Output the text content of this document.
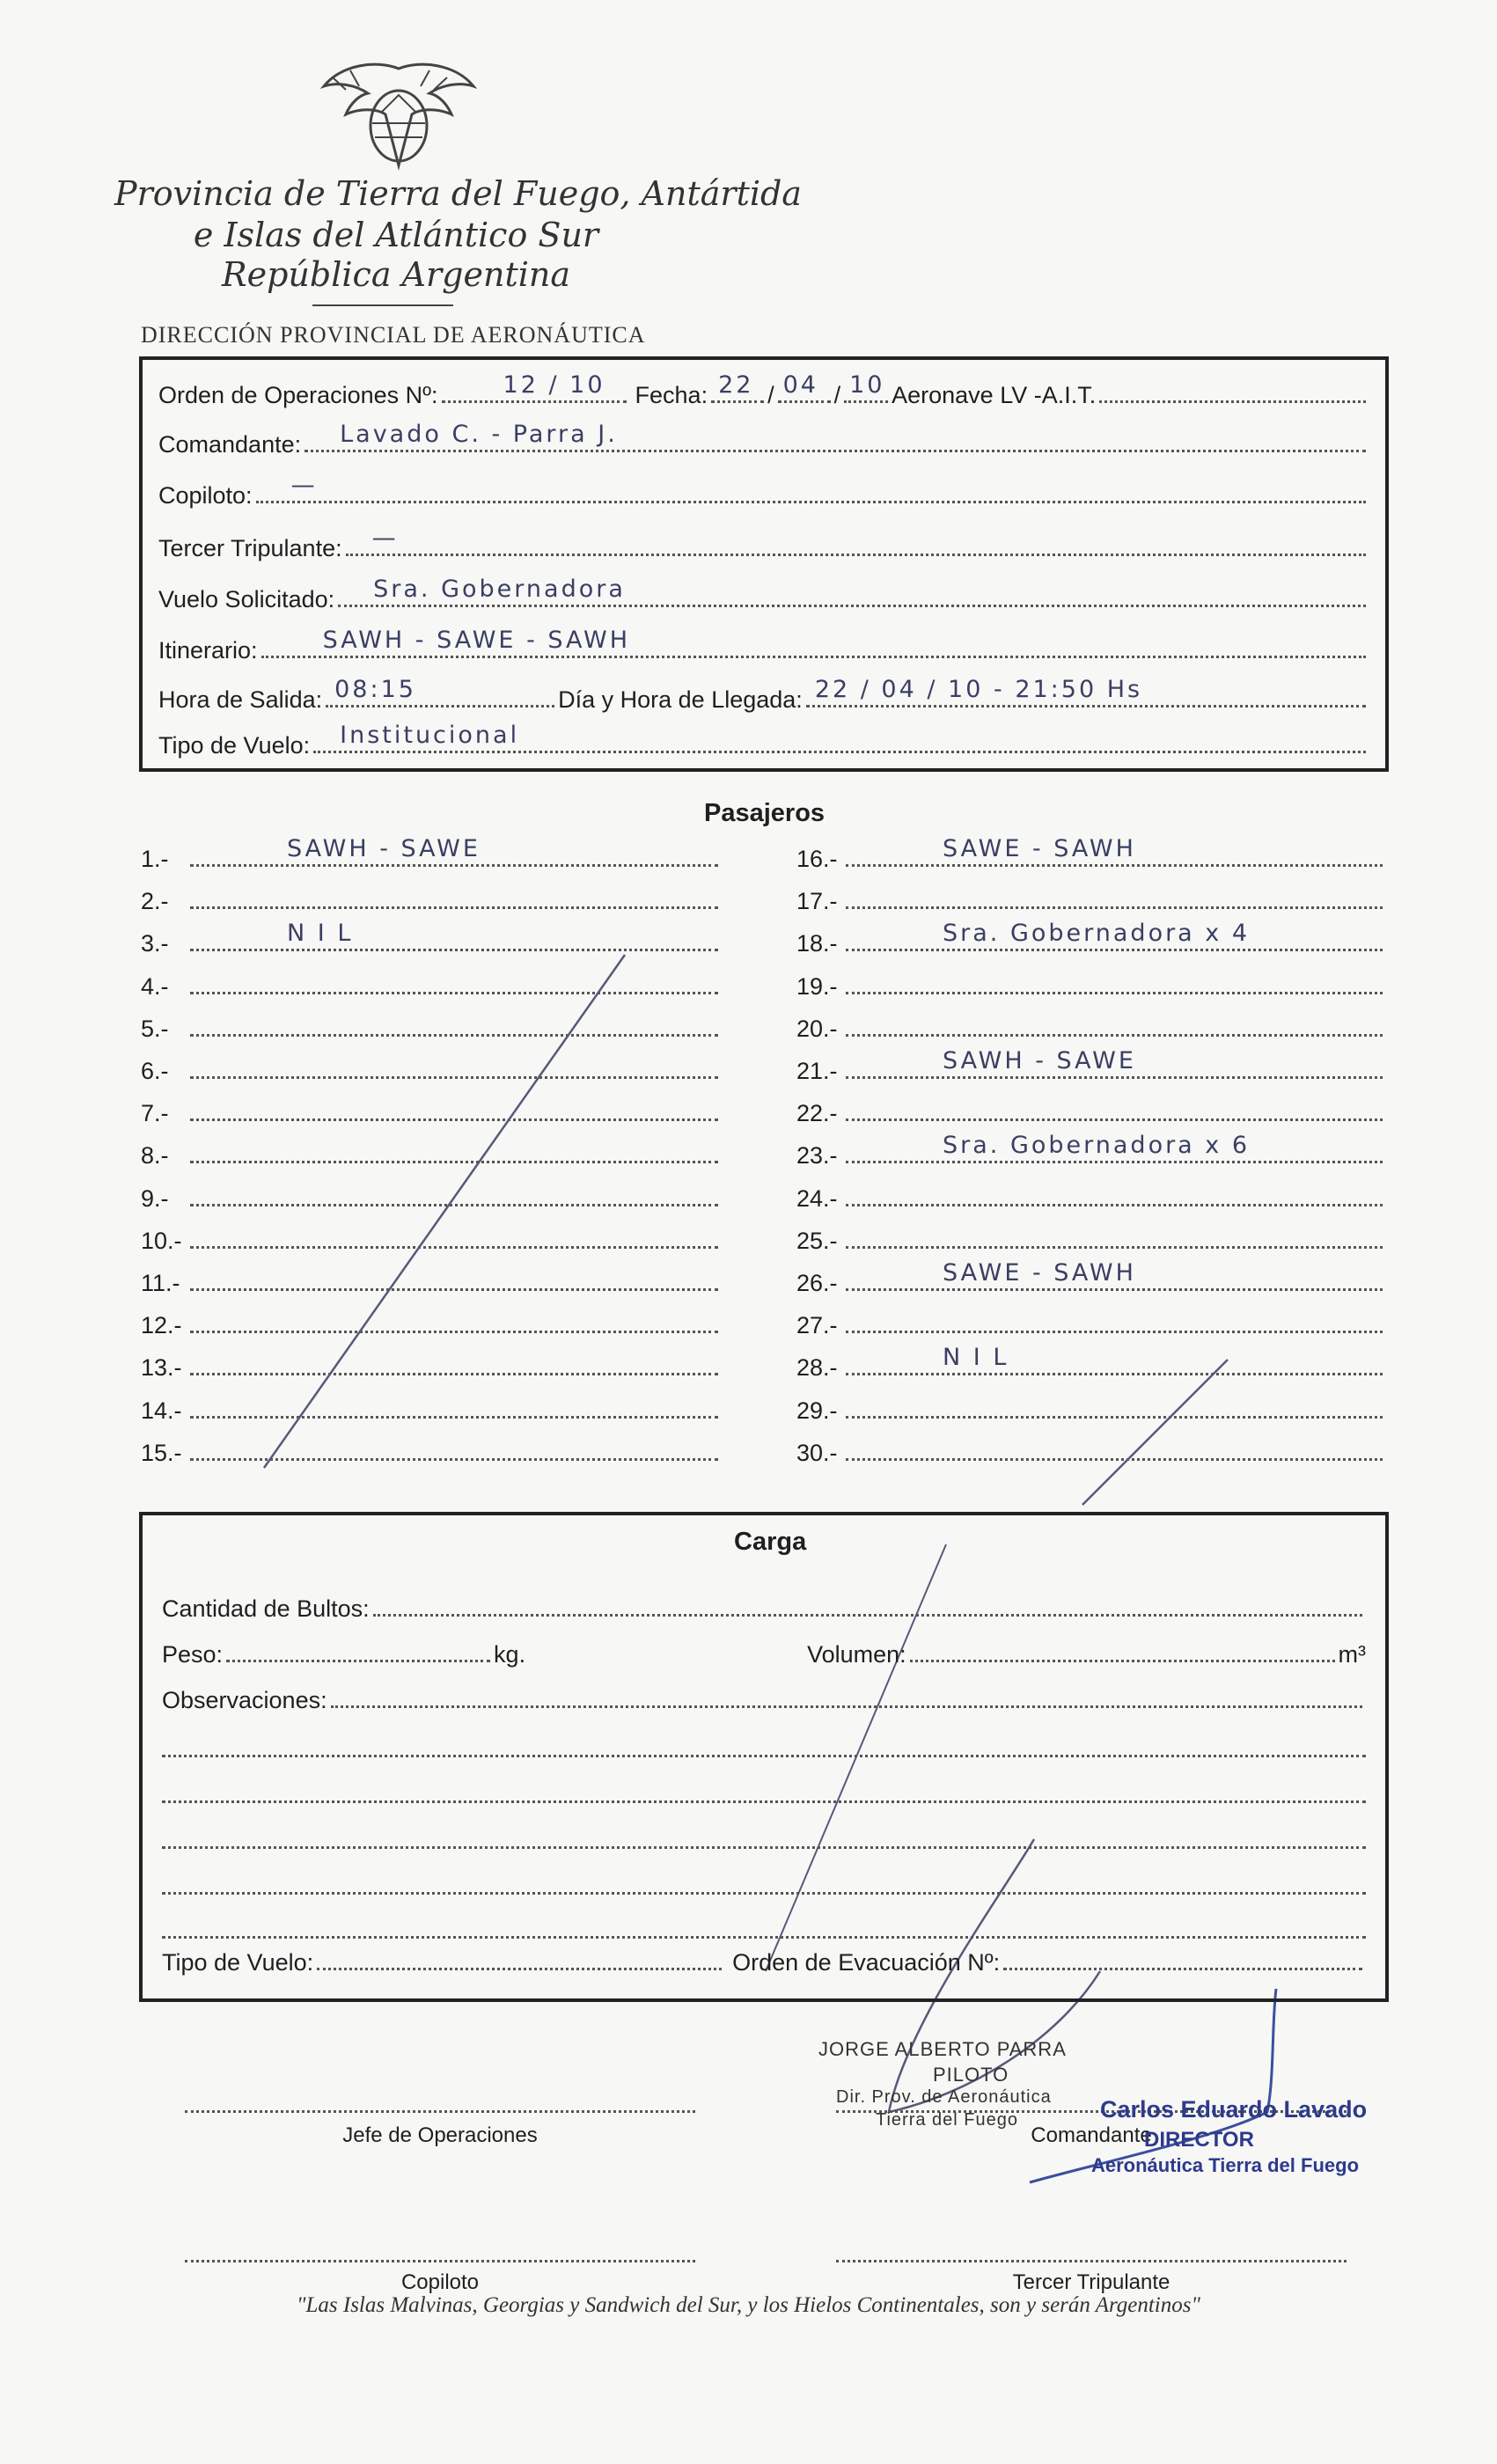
Provincia de Tierra del Fuego, Antártida
e Islas del Atlántico Sur
República Argentina
DIRECCIÓN PROVINCIAL DE AERONÁUTICA
Orden de Operaciones Nº:	12 / 10 Fecha: 22 / 04 / 10 Aeronave LV -A.I.T.
Comandante: Lavado C. - Parra J.
Copiloto: —
Tercer Tripulante: —
Vuelo Solicitado: Sra. Gobernadora
Itinerario:	SAWH - SAWE - SAWH
Hora de Salida: 08:15	Día y Hora de Llegada: 22 / 04 / 10 - 21:50 Hs
Tipo de Vuelo: Institucional
Pasajeros
1.-	SAWH - SAWE
2.-
3.-	N I L
4.-
5.-
6.-
7.-
8.-
9.-
10.-
11.-
12.-
13.-
14.-
15.-
16.-	SAWE - SAWH
17.-
18.-	Sra. Gobernadora x 4
19.-
20.-
21.-	SAWH - SAWE
22.-
23.-	Sra. Gobernadora x 6
24.-
25.-
26.-	SAWE - SAWH
27.-
28.-	N I L
29.-
30.-
Carga
Cantidad de Bultos:
Peso:	kg.	Volumen:	m³
Observaciones:
Tipo de Vuelo:	Orden de Evacuación Nº:
Jefe de Operaciones
JORGE ALBERTO PARRA
PILOTO
Dir. Prov. de Aeronáutica
Tierra del Fuego
Comandante
Carlos Eduardo Lavado
DIRECTOR
Aeronáutica Tierra del Fuego
Copiloto	Tercer Tripulante
"Las Islas Malvinas, Georgias y Sandwich del Sur, y los Hielos Continentales, son y serán Argentinos"
